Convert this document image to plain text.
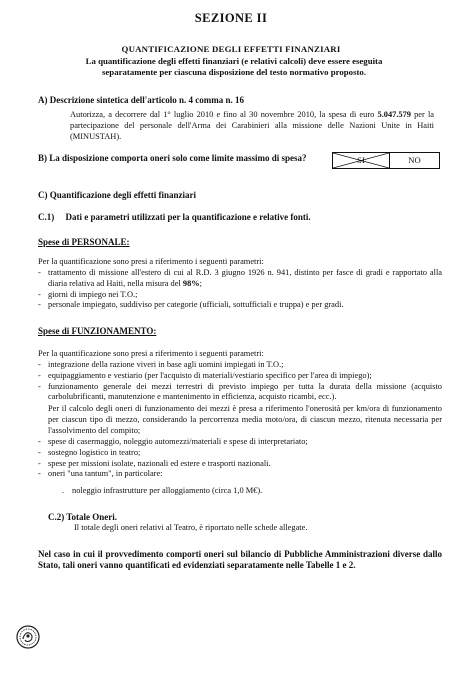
SEZIONE II
QUANTIFICAZIONE DEGLI EFFETTI FINANZIARI
La quantificazione degli effetti finanziari (e relativi calcoli) deve essere eseguita separatamente per ciascuna disposizione del testo normativo proposto.
A) Descrizione sintetica dell'articolo n. 4 comma n. 16
Autorizza, a decorrere dal 1° luglio 2010 e fino al 30 novembre 2010, la spesa di euro 5.047.579 per la partecipazione del personale dell'Arma dei Carabinieri alla missione delle Nazioni Unite in Haiti (MINUSTAH).
B) La disposizione comporta oneri solo come limite massimo di spesa?	SI	NO
C) Quantificazione degli effetti finanziari
C.1)     Dati e parametri utilizzati per la quantificazione e relative fonti.
Spese di PERSONALE:
Per la quantificazione sono presi a riferimento i seguenti parametri:
- trattamento di missione all'estero di cui al R.D. 3 giugno 1926 n. 941, distinto per fasce di gradi e rapportato alla diaria relativa ad Haiti, nella misura del 98%;
- giorni di impiego nei T.O.;
- personale impiegato, suddiviso per categorie (ufficiali, sottufficiali e truppa) e per gradi.
Spese di FUNZIONAMENTO:
Per la quantificazione sono presi a riferimento i seguenti parametri:
- integrazione della razione viveri in base agli uomini impiegati in T.O.;
- equipaggiamento e vestiario (per l'acquisto di materiali/vestiario specifico per l'area di impiego);
- funzionamento generale dei mezzi terrestri di previsto impiego per tutta la durata della missione (acquisto carbolubrificanti, manutenzione e mantenimento in efficienza, acquisto ricambi, ecc.).
Per il calcolo degli oneri di funzionamento dei mezzi è presa a riferimento l'onerosità per km/ora di funzionamento per ciascun tipo di mezzo, considerando la percorrenza media moto/ora, di ciascun mezzo, ritenuta necessaria per l'assolvimento del compito;
- spese di casermaggio, noleggio automezzi/materiali e spese di interpretariato;
- sostegno logistico in teatro;
- spese per missioni isolate, nazionali ed estere e trasporti nazionali.
- oneri "una tantum", in particolare:
. noleggio infrastrutture per alloggiamento (circa 1,0 M€).
C.2) Totale Oneri.
Il totale degli oneri relativi al Teatro, è riportato nelle schede allegate.
Nel caso in cui il provvedimento comporti oneri sul bilancio di Pubbliche Amministrazioni diverse dallo Stato, tali oneri vanno quantificati ed evidenziati separatamente nelle Tabelle 1 e 2.
